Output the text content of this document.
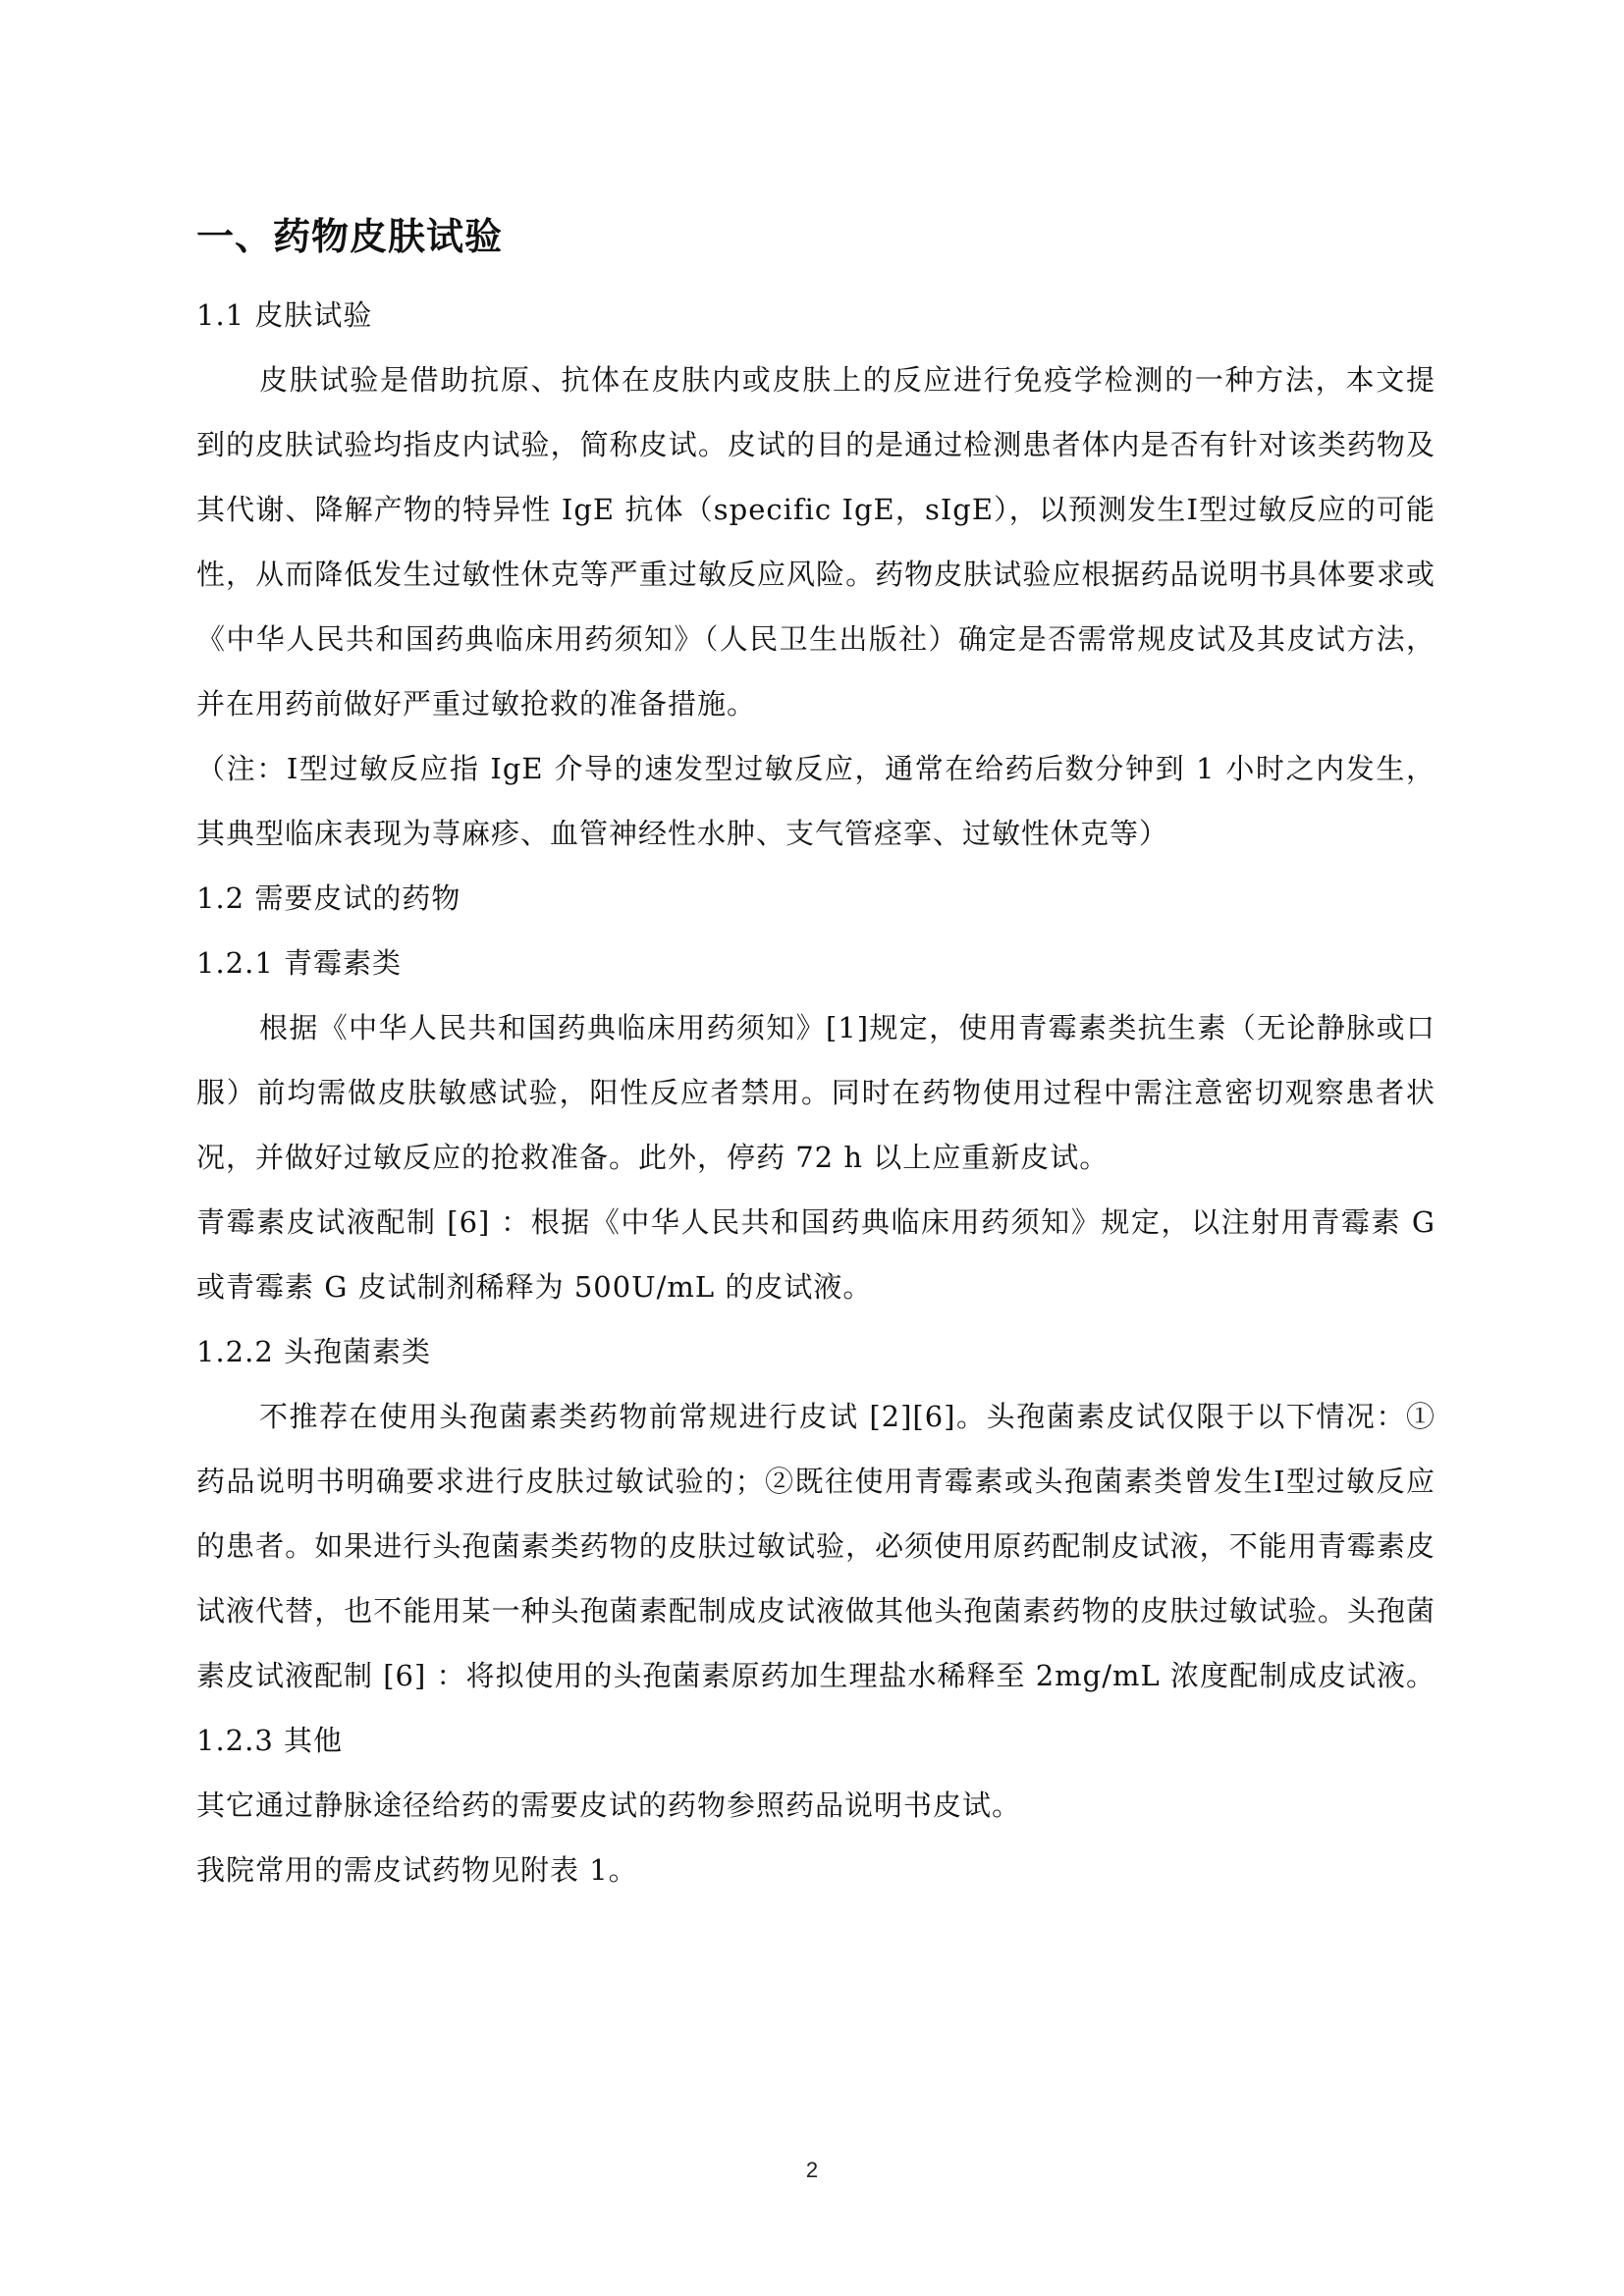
一、药物皮肤试验
1.1 皮肤试验

皮肤试验是借助抗原、抗体在皮肤内或皮肤上的反应进行免疫学检测的一种方法，本文提到的皮肤试验均指皮内试验，简称皮试。皮试的目的是通过检测患者体内是否有针对该类药物及其代谢、降解产物的特异性 IgE 抗体（specific IgE，sIgE），以预测发生Ⅰ型过敏反应的可能性，从而降低发生过敏性休克等严重过敏反应风险。药物皮肤试验应根据药品说明书具体要求或《中华人民共和国药典临床用药须知》（人民卫生出版社）确定是否需常规皮试及其皮试方法，并在用药前做好严重过敏抢救的准备措施。

（注：Ⅰ型过敏反应指 IgE 介导的速发型过敏反应，通常在给药后数分钟到 1 小时之内发生，其典型临床表现为荨麻疹、血管神经性水肿、支气管痉挛、过敏性休克等）

1.2 需要皮试的药物
1.2.1 青霉素类

根据《中华人民共和国药典临床用药须知》[1]规定，使用青霉素类抗生素（无论静脉或口服）前均需做皮肤敏感试验，阳性反应者禁用。同时在药物使用过程中需注意密切观察患者状况，并做好过敏反应的抢救准备。此外，停药 72 h 以上应重新皮试。

青霉素皮试液配制 [6] ：根据《中华人民共和国药典临床用药须知》规定，以注射用青霉素 G 或青霉素 G 皮试制剂稀释为 500U/mL 的皮试液。

1.2.2 头孢菌素类

不推荐在使用头孢菌素类药物前常规进行皮试 [2][6]。头孢菌素皮试仅限于以下情况：①药品说明书明确要求进行皮肤过敏试验的；②既往使用青霉素或头孢菌素类曾发生Ⅰ型过敏反应的患者。如果进行头孢菌素类药物的皮肤过敏试验，必须使用原药配制皮试液，不能用青霉素皮试液代替，也不能用某一种头孢菌素配制成皮试液做其他头孢菌素药物的皮肤过敏试验。头孢菌素皮试液配制 [6] ：将拟使用的头孢菌素原药加生理盐水稀释至 2mg/mL 浓度配制成皮试液。

1.2.3 其他

其它通过静脉途径给药的需要皮试的药物参照药品说明书皮试。

我院常用的需皮试药物见附表 1。

2
